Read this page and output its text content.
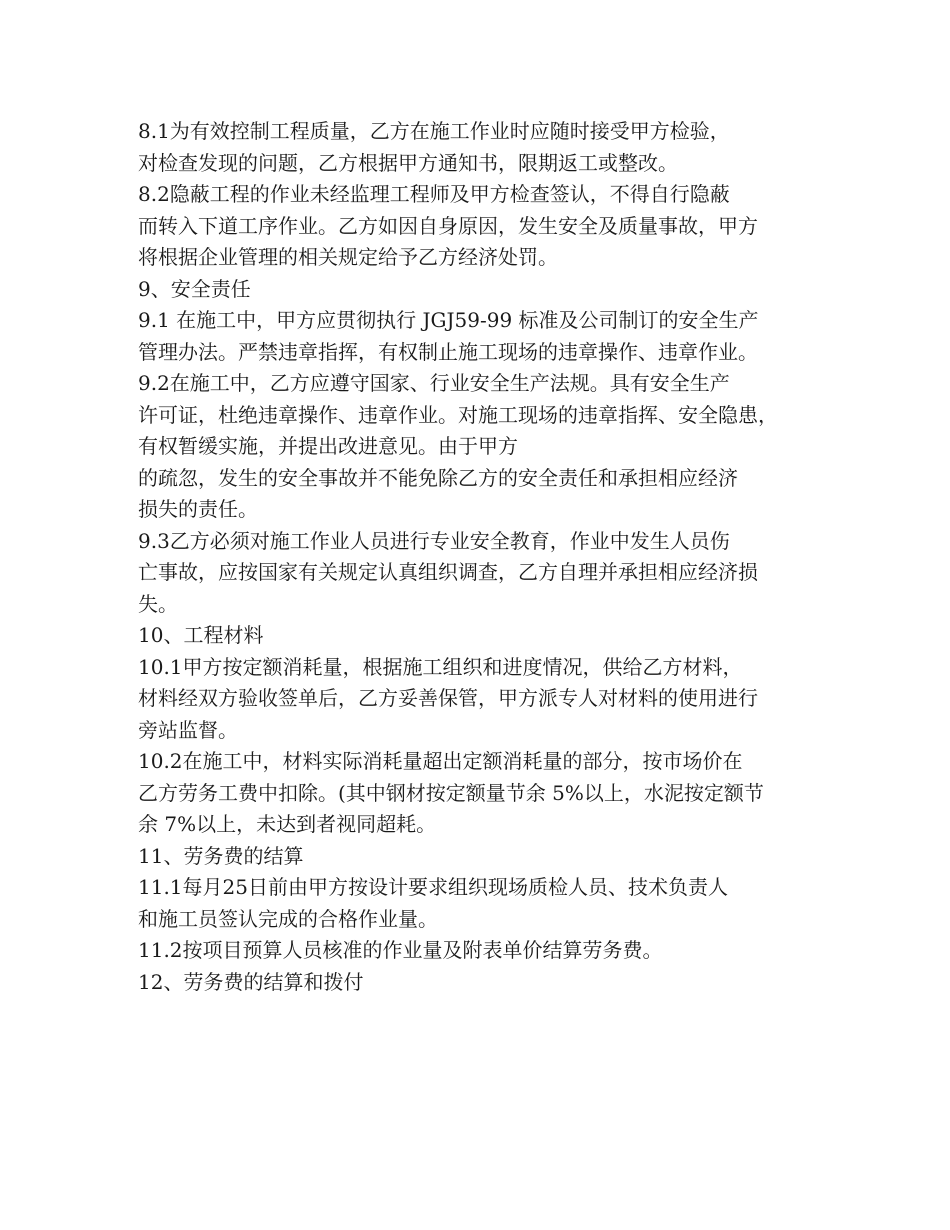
8.1为有效控制工程质量，乙方在施工作业时应随时接受甲方检验，
对检查发现的问题，乙方根据甲方通知书，限期返工或整改。
8.2隐蔽工程的作业未经监理工程师及甲方检查签认，不得自行隐蔽
而转入下道工序作业。乙方如因自身原因，发生安全及质量事故，甲方
将根据企业管理的相关规定给予乙方经济处罚。
9、安全责任
9.1 在施工中，甲方应贯彻执行 JGJ59-99 标准及公司制订的安全生产
管理办法。严禁违章指挥，有权制止施工现场的违章操作、违章作业。
9.2在施工中，乙方应遵守国家、行业安全生产法规。具有安全生产
许可证，杜绝违章操作、违章作业。对施工现场的违章指挥、安全隐患，
有权暂缓实施，并提出改进意见。由于甲方
的疏忽，发生的安全事故并不能免除乙方的安全责任和承担相应经济
损失的责任。
9.3乙方必须对施工作业人员进行专业安全教育，作业中发生人员伤
亡事故，应按国家有关规定认真组织调查，乙方自理并承担相应经济损
失。
10、工程材料
10.1甲方按定额消耗量，根据施工组织和进度情况，供给乙方材料，
材料经双方验收签单后，乙方妥善保管，甲方派专人对材料的使用进行
旁站监督。
10.2在施工中，材料实际消耗量超出定额消耗量的部分，按市场价在
乙方劳务工费中扣除。(其中钢材按定额量节余 5%以上，水泥按定额节
余 7%以上，未达到者视同超耗。
11、劳务费的结算
11.1每月25日前由甲方按设计要求组织现场质检人员、技术负责人
和施工员签认完成的合格作业量。
11.2按项目预算人员核准的作业量及附表单价结算劳务费。
12、劳务费的结算和拨付
